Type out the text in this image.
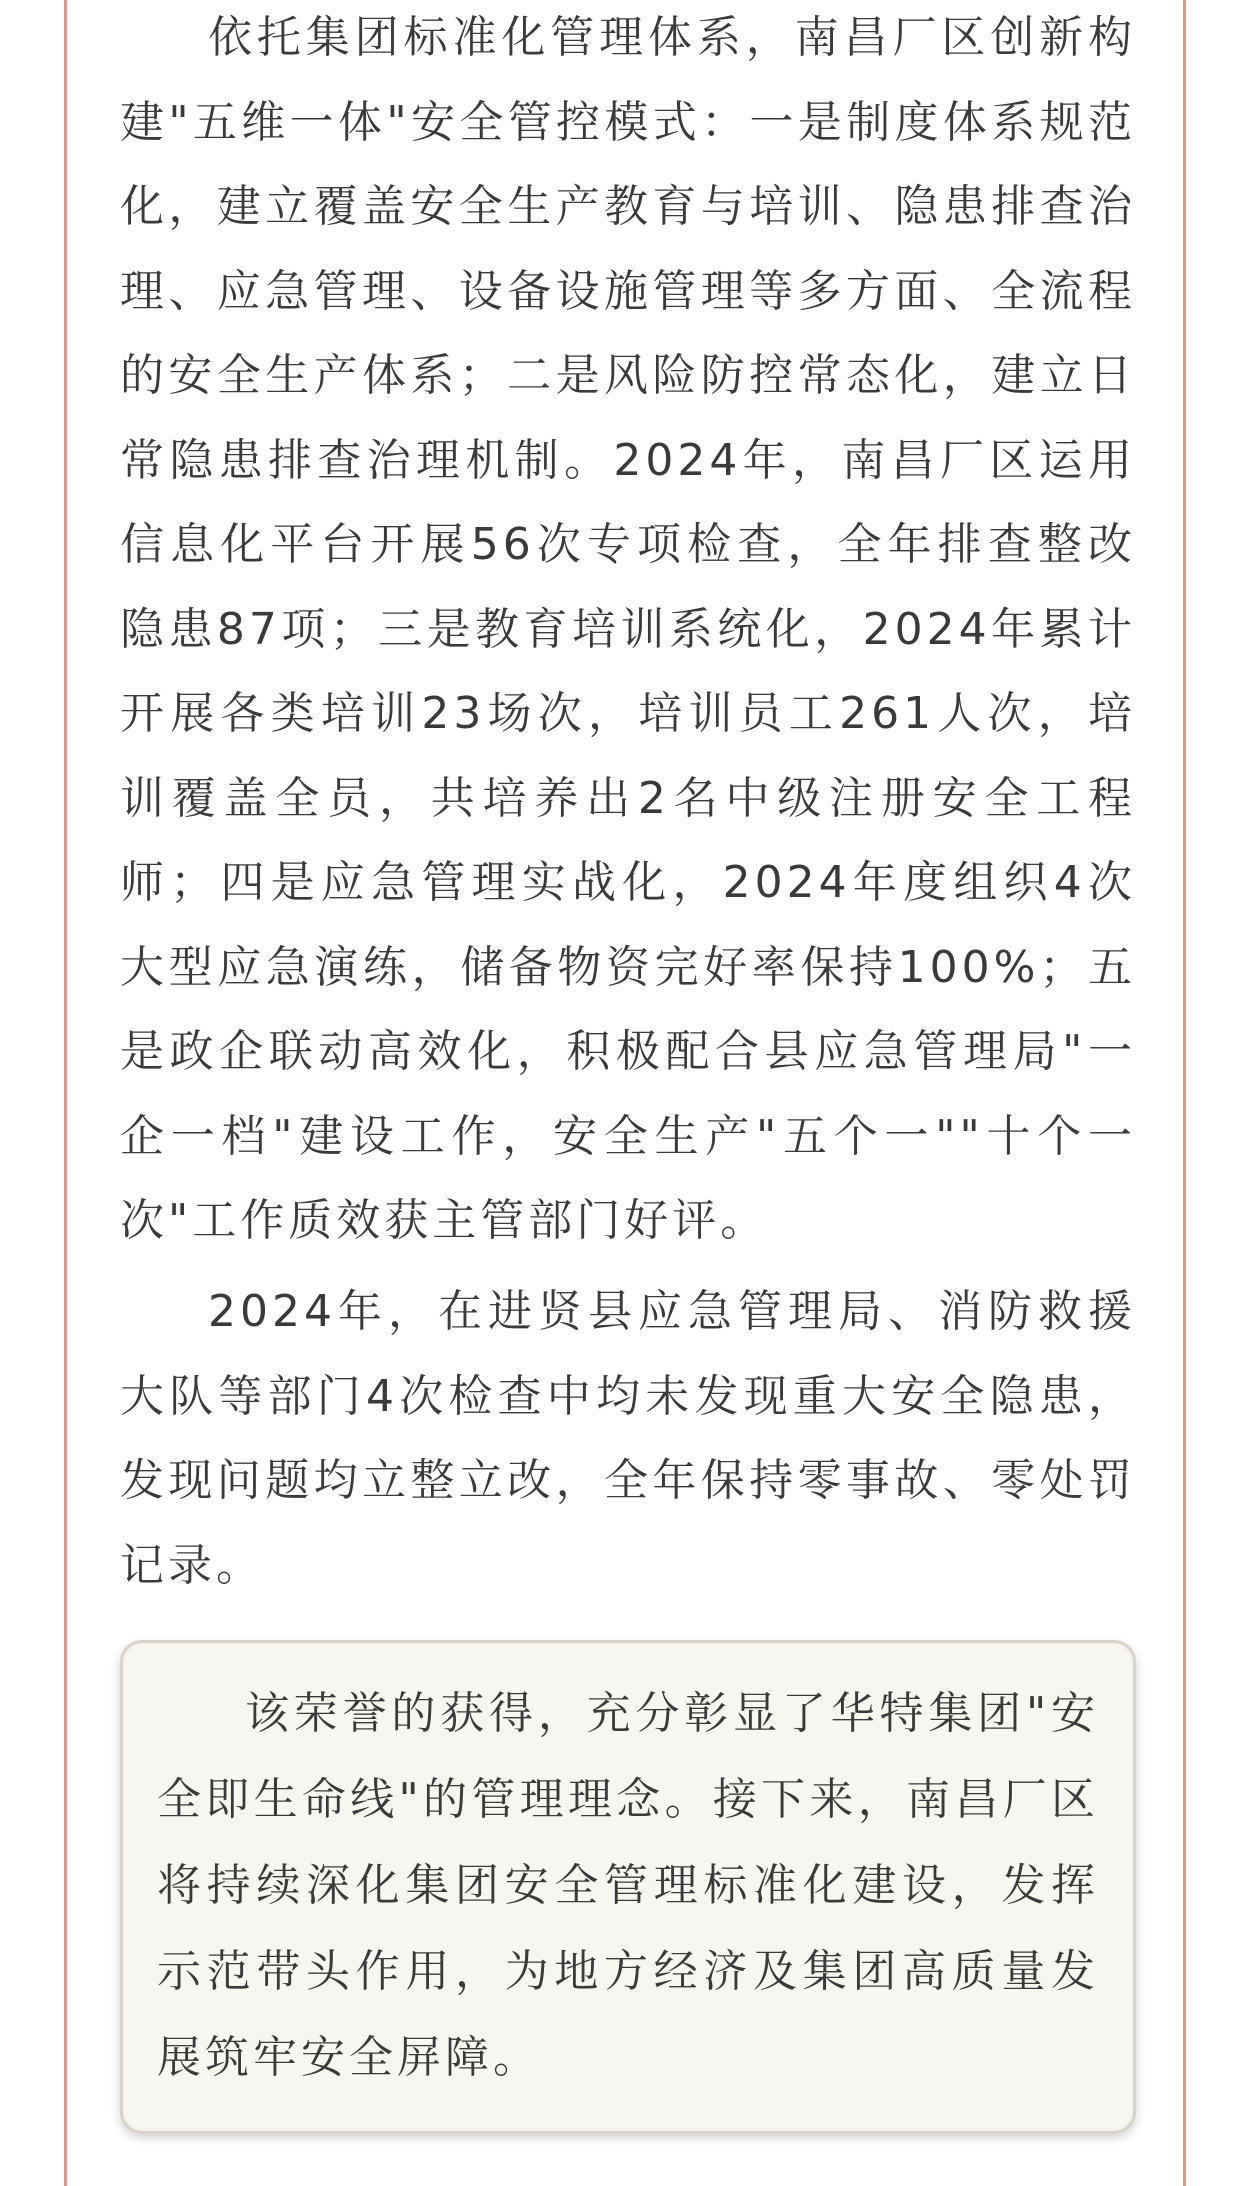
依托集团标准化管理体系，南昌厂区创新构建"五维一体"安全管控模式：一是制度体系规范化，建立覆盖安全生产教育与培训、隐患排查治理、应急管理、设备设施管理等多方面、全流程的安全生产体系；二是风险防控常态化，建立日常隐患排查治理机制。2024年，南昌厂区运用信息化平台开展56次专项检查，全年排查整改隐患87项；三是教育培训系统化，2024年累计开展各类培训23场次，培训员工261人次，培训覆盖全员，共培养出2名中级注册安全工程师；四是应急管理实战化，2024年度组织4次大型应急演练，储备物资完好率保持100%；五是政企联动高效化，积极配合县应急管理局"一企一档"建设工作，安全生产"五个一""十个一次"工作质效获主管部门好评。

2024年，在进贤县应急管理局、消防救援大队等部门4次检查中均未发现重大安全隐患，发现问题均立整立改，全年保持零事故、零处罚记录。

该荣誉的获得，充分彰显了华特集团"安全即生命线"的管理理念。接下来，南昌厂区将持续深化集团安全管理标准化建设，发挥示范带头作用，为地方经济及集团高质量发展筑牢安全屏障。
